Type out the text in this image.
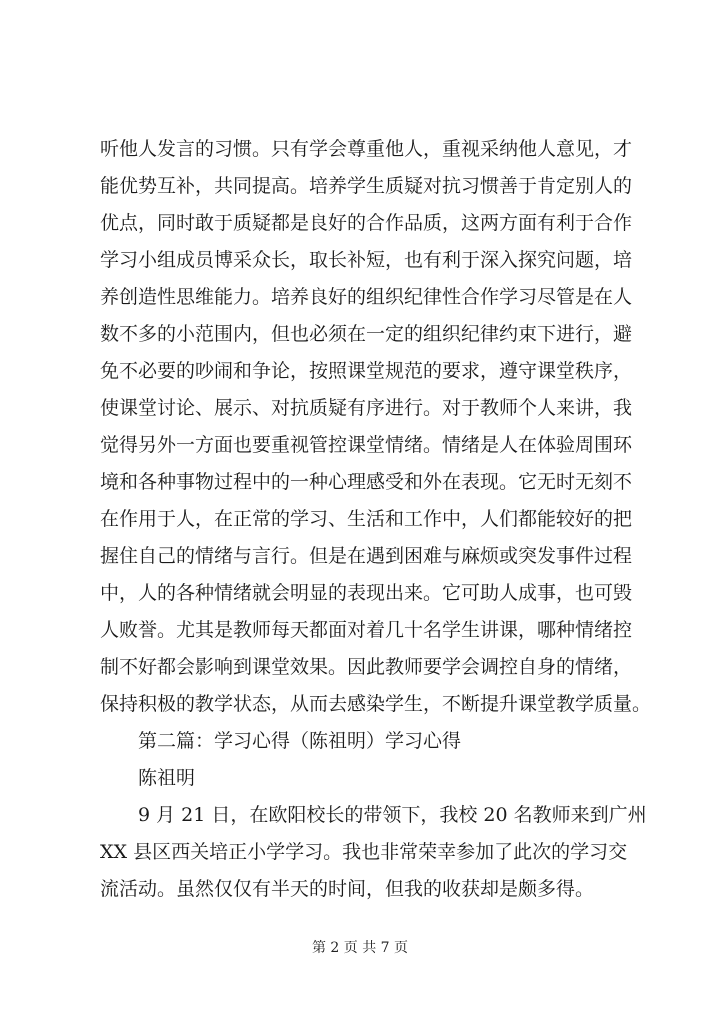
听他人发言的习惯。只有学会尊重他人，重视采纳他人意见，才
能优势互补，共同提高。培养学生质疑对抗习惯善于肯定别人的
优点，同时敢于质疑都是良好的合作品质，这两方面有利于合作
学习小组成员博采众长，取长补短，也有利于深入探究问题，培
养创造性思维能力。培养良好的组织纪律性合作学习尽管是在人
数不多的小范围内，但也必须在一定的组织纪律约束下进行，避
免不必要的吵闹和争论，按照课堂规范的要求，遵守课堂秩序，
使课堂讨论、展示、对抗质疑有序进行。对于教师个人来讲，我
觉得另外一方面也要重视管控课堂情绪。情绪是人在体验周围环
境和各种事物过程中的一种心理感受和外在表现。它无时无刻不
在作用于人，在正常的学习、生活和工作中，人们都能较好的把
握住自己的情绪与言行。但是在遇到困难与麻烦或突发事件过程
中，人的各种情绪就会明显的表现出来。它可助人成事，也可毁
人败誉。尤其是教师每天都面对着几十名学生讲课，哪种情绪控
制不好都会影响到课堂效果。因此教师要学会调控自身的情绪，
保持积极的教学状态，从而去感染学生，不断提升课堂教学质量。
第二篇：学习心得（陈祖明）学习心得
陈祖明
9 月 21 日，在欧阳校长的带领下，我校 20 名教师来到广州
XX 县区西关培正小学学习。我也非常荣幸参加了此次的学习交
流活动。虽然仅仅有半天的时间，但我的收获却是颇多得。
第 2 页 共 7 页
